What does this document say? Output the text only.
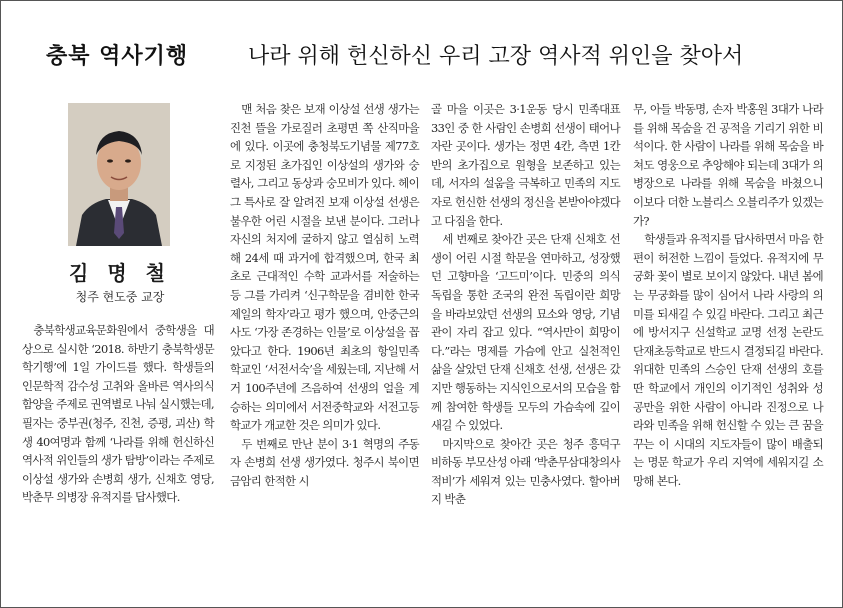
충북 역사기행	나라 위해 헌신하신 우리 고장 역사적 위인을 찾아서
김 명 철
청주 현도중 교장

충북학생교육문화원에서 중학생을 대상으로 실시한 ‘2018. 하반기 충북학생문학기행’에 1일 가이드를 했다. 학생들의 인문학적 감수성 고취와 올바른 역사의식 함양을 주제로 권역별로 나눠 실시했는데, 필자는 중부권(청주, 진천, 증평, 괴산) 학생 40여명과 함께 ‘나라를 위해 헌신하신 역사적 위인들의 생가 탐방’이라는 주제로 이상설 생가와 손병희 생가, 신채호 영당, 박춘무 의병장 유적지를 답사했다.

맨 처음 찾은 보재 이상설 선생 생가는 진천 뜰을 가로질러 초평면 쪽 산직마을에 있다. 이곳에 충청북도기념물 제77호로 지정된 초가집인 이상설의 생가와 숭렬사, 그리고 동상과 숭모비가 있다. 헤이그 특사로 잘 알려진 보재 이상설 선생은 불우한 어린 시절을 보낸 분이다. 그러나 자신의 처지에 굴하지 않고 열심히 노력해 24세 때 과거에 합격했으며, 한국 최초로 근대적인 수학 교과서를 저술하는 등 그를 가리켜 ‘신구학문을 겸비한 한국 제일의 학자’라고 평가 했으며, 안중근의사도 ‘가장 존경하는 인물’로 이상설을 꼽았다고 한다. 1906년 최초의 항일민족 학교인 ‘서전서숙’을 세웠는데, 지난해 서거 100주년에 즈음하여 선생의 얼을 계승하는 의미에서 서전중학교와 서전고등학교가 개교한 것은 의미가 있다.

두 번째로 만난 분이 3·1 혁명의 주동자 손병희 선생 생가였다. 청주시 북이면 금암리 한적한 시

골 마을 이곳은 3·1운동 당시 민족대표 33인 중 한 사람인 손병희 선생이 태어나 자란 곳이다. 생가는 정면 4칸, 측면 1칸 반의 초가집으로 원형을 보존하고 있는데, 서자의 설움을 극복하고 민족의 지도자로 헌신한 선생의 정신을 본받아야겠다고 다짐을 한다.

세 번째로 찾아간 곳은 단재 신채호 선생이 어린 시절 학문을 연마하고, 성장했던 고향마을 ‘고드미’이다. 민중의 의식 독립을 통한 조국의 완전 독립이란 희망을 바라보았던 선생의 묘소와 영당, 기념관이 자리 잡고 있다. “역사만이 희망이다.”라는 명제를 가슴에 안고 실천적인 삶을 살았던 단재 신채호 선생, 선생은 갔지만 행동하는 지식인으로서의 모습을 함께 참여한 학생들 모두의 가슴속에 깊이 새길 수 있었다.

마지막으로 찾아간 곳은 청주 흥덕구 비하동 부모산성 아래 ‘박춘무삼대창의사적비’가 세워져 있는 민충사였다. 할아버지 박춘

무, 아들 박동명, 손자 박홍원 3대가 나라를 위해 목숨을 건 공적을 기리기 위한 비석이다. 한 사람이 나라를 위해 목숨을 바쳐도 영웅으로 추앙해야 되는데 3대가 의병장으로 나라를 위해 목숨을 바쳤으니 이보다 더한 노블리스 오블리주가 있겠는가?

학생들과 유적지를 답사하면서 마음 한편이 허전한 느낌이 들었다. 유적지에 무궁화 꽃이 별로 보이지 않았다. 내년 봄에는 무궁화를 많이 심어서 나라 사랑의 의미를 되새길 수 있길 바란다. 그리고 최근에 방서지구 신설학교 교명 선정 논란도 단재초등학교로 반드시 결정되길 바란다. 위대한 민족의 스승인 단재 선생의 호를 딴 학교에서 개인의 이기적인 성취와 성공만을 위한 사람이 아니라 진정으로 나라와 민족을 위해 헌신할 수 있는 큰 꿈을 꾸는 이 시대의 지도자들이 많이 배출되는 명문 학교가 우리 지역에 세워지길 소망해 본다.
